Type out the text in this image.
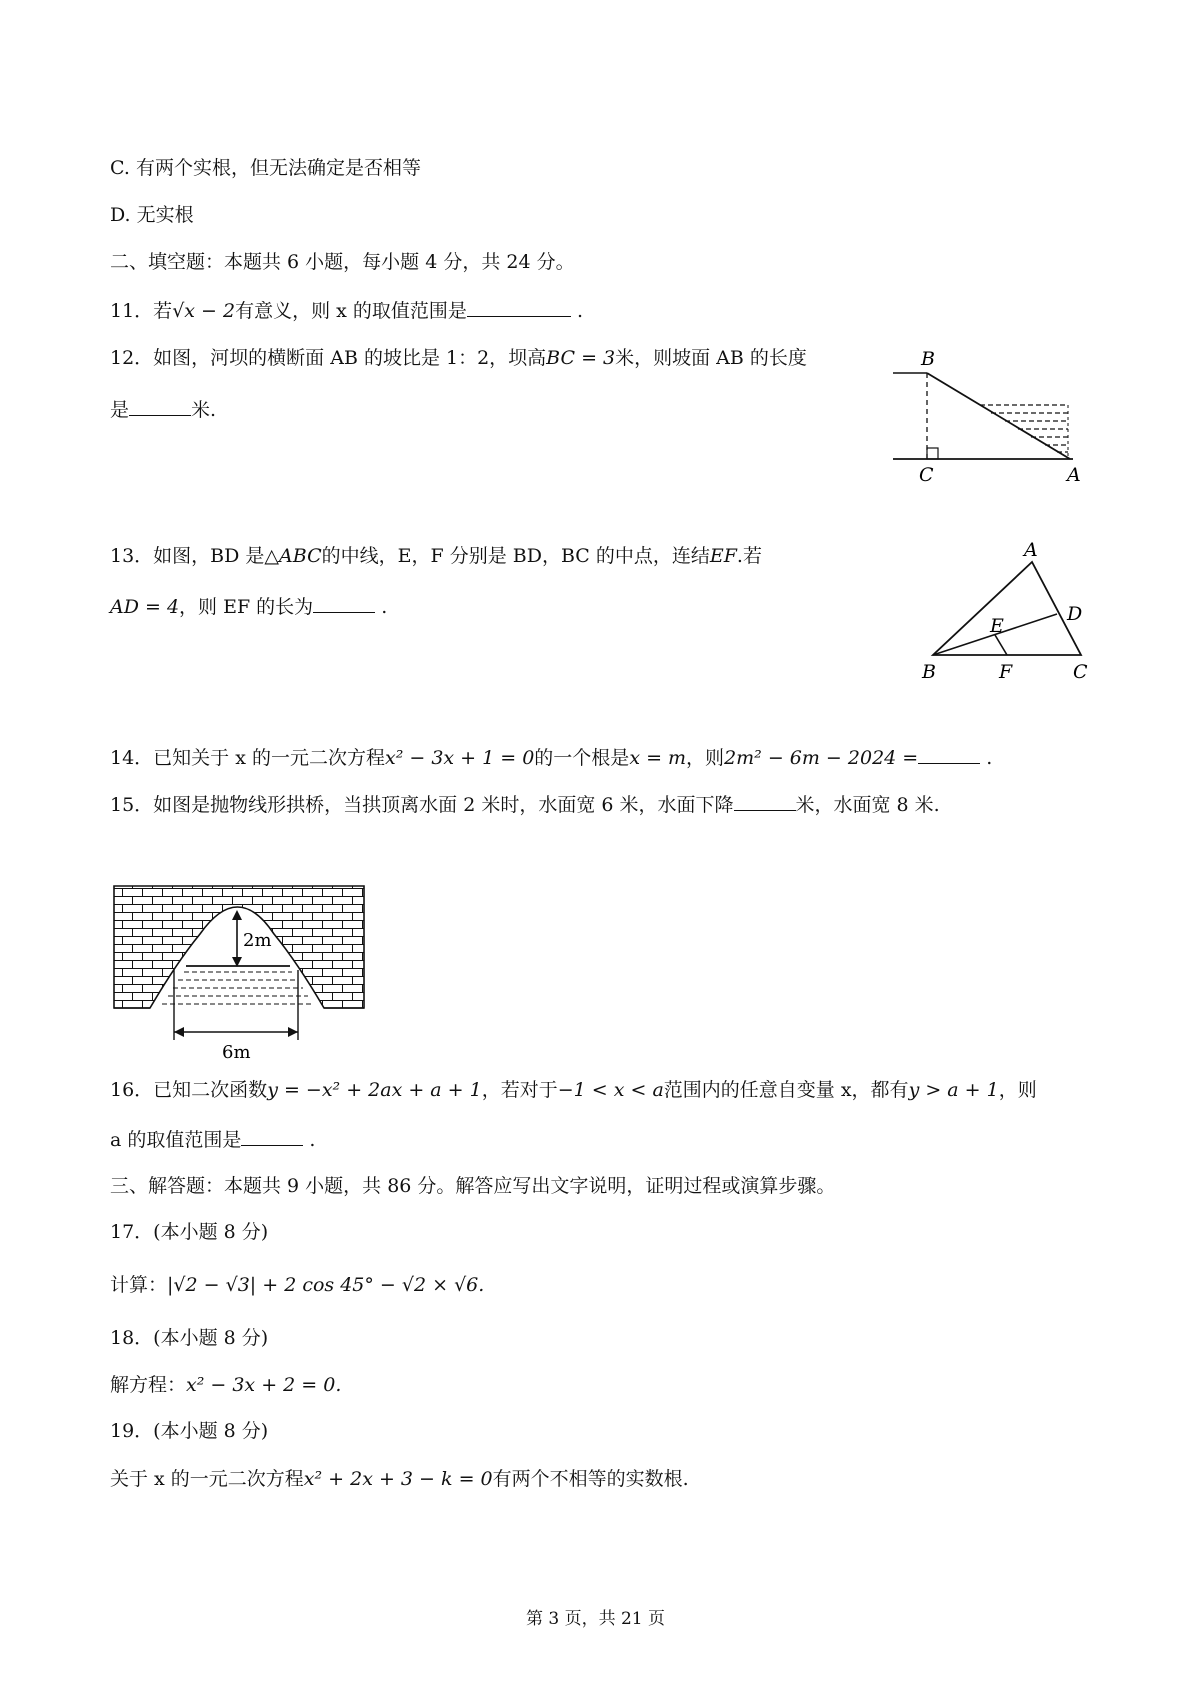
C. 有两个实根，但无法确定是否相等
D. 无实根
二、填空题：本题共 6 小题，每小题 4 分，共 24 分。
11．若√x − 2有意义，则 x 的取值范围是	.
12．如图，河坝的横断面 AB 的坡比是 1：2，坝高BC = 3米，则坡面 AB 的长度
是	米.
B
C	A
13．如图，BD 是△ABC的中线，E，F 分别是 BD，BC 的中点，连结EF.若
AD = 4，则 EF 的长为	.
A
B	C
D
E
F
14．已知关于 x 的一元二次方程x² − 3x + 1 = 0的一个根是x = m，则2m² − 6m − 2024 =	.
15．如图是抛物线形拱桥，当拱顶离水面 2 米时，水面宽 6 米，水面下降	米，水面宽 8 米.
2m
6m
16．已知二次函数y = −x² + 2ax + a + 1，若对于−1 < x < a范围内的任意自变量 x，都有y > a + 1，则
a 的取值范围是	.
三、解答题：本题共 9 小题，共 86 分。解答应写出文字说明，证明过程或演算步骤。
17．(本小题 8 分)
计算：|√2 − √3| + 2 cos 45° − √2 × √6.
18．(本小题 8 分)
解方程：x² − 3x + 2 = 0.
19．(本小题 8 分)
关于 x 的一元二次方程x² + 2x + 3 − k = 0有两个不相等的实数根.
第 3 页，共 21 页
